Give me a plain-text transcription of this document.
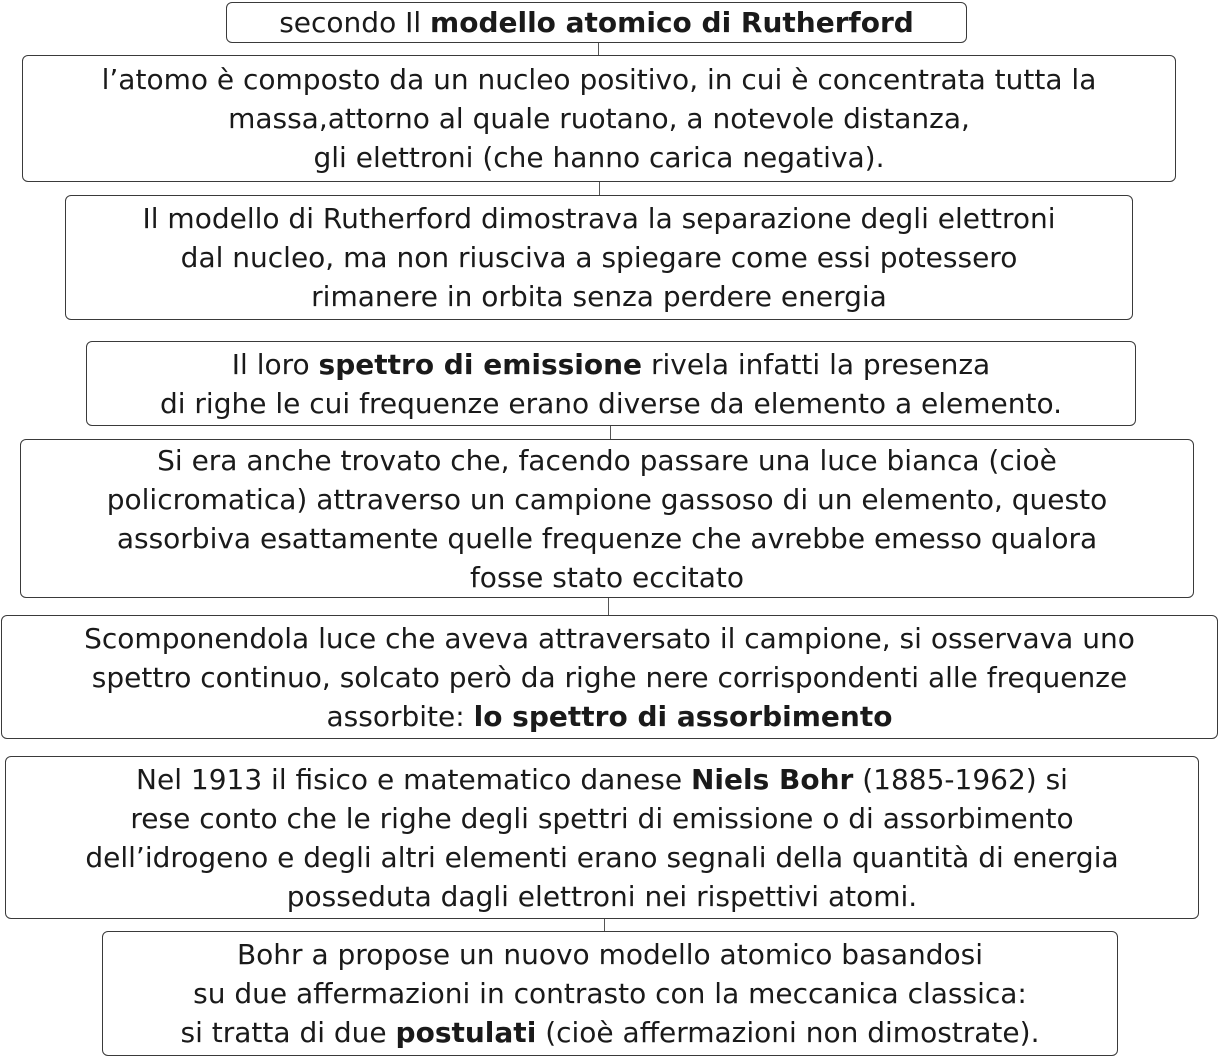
secondo Il modello atomico di Rutherford
l’atomo è composto da un nucleo positivo, in cui è concentrata tutta la
massa,attorno al quale ruotano, a notevole distanza,
gli elettroni (che hanno carica negativa).
Il modello di Rutherford dimostrava la separazione degli elettroni
dal nucleo, ma non riusciva a spiegare come essi potessero
rimanere in orbita senza perdere energia
Il loro spettro di emissione rivela infatti la presenza
di righe le cui frequenze erano diverse da elemento a elemento.
Si era anche trovato che, facendo passare una luce bianca (cioè
policromatica) attraverso un campione gassoso di un elemento, questo
assorbiva esattamente quelle frequenze che avrebbe emesso qualora
fosse stato eccitato
Scomponendola luce che aveva attraversato il campione, si osservava uno
spettro continuo, solcato però da righe nere corrispondenti alle frequenze
assorbite: lo spettro di assorbimento
Nel 1913 il fisico e matematico danese Niels Bohr (1885-1962) si
rese conto che le righe degli spettri di emissione o di assorbimento
dell’idrogeno e degli altri elementi erano segnali della quantità di energia
posseduta dagli elettroni nei rispettivi atomi.
Bohr a propose un nuovo modello atomico basandosi
su due affermazioni in contrasto con la meccanica classica:
si tratta di due postulati (cioè affermazioni non dimostrate).
